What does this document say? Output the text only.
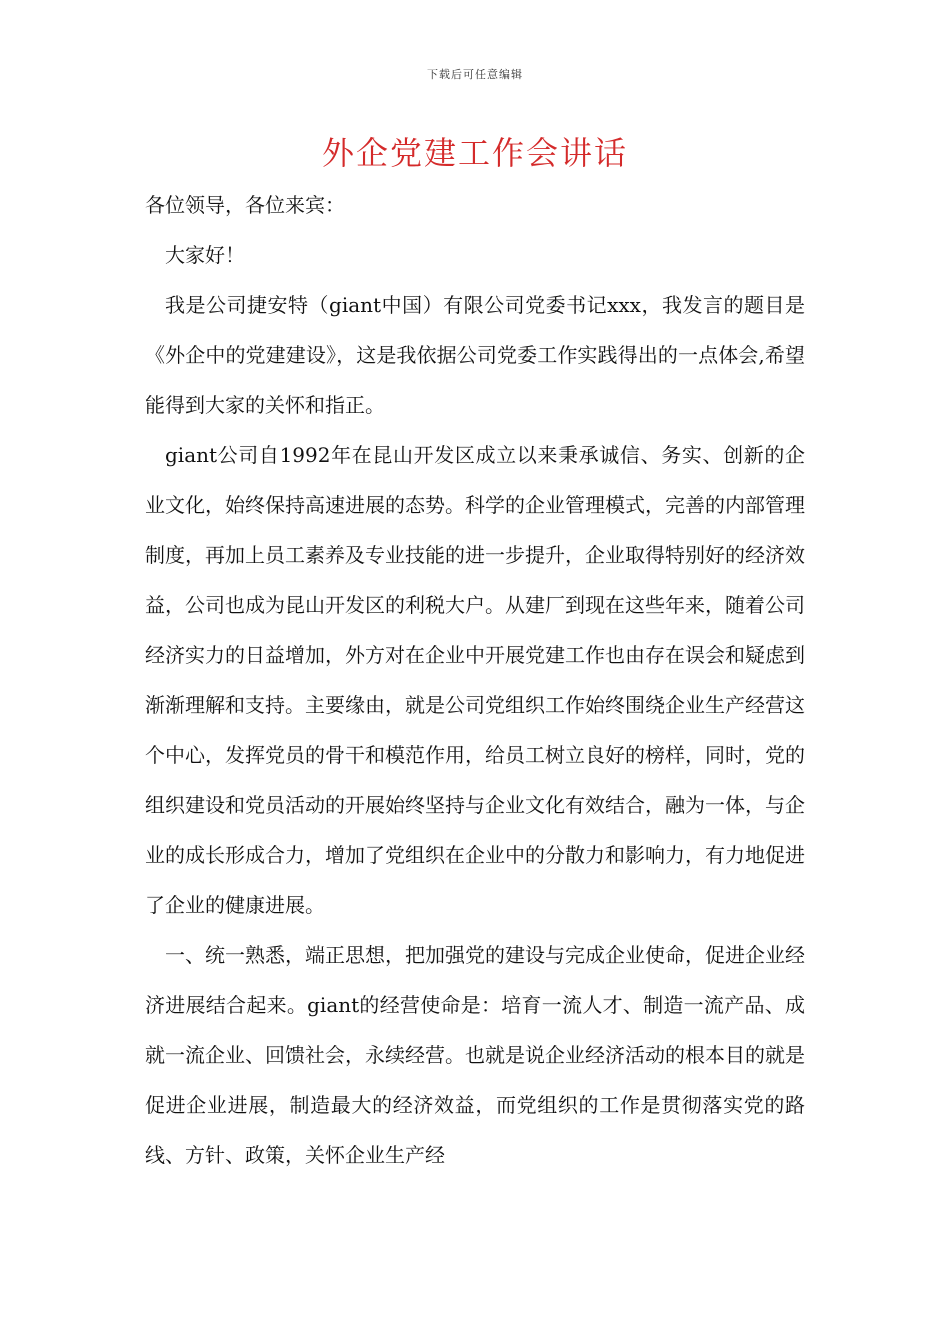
下载后可任意编辑
外企党建工作会讲话

各位领导，各位来宾：

大家好！

我是公司捷安特（giant中国）有限公司党委书记xxx，我发言的题目是《外企中的党建建设》，这是我依据公司党委工作实践得出的一点体会,希望能得到大家的关怀和指正。

giant公司自1992年在昆山开发区成立以来秉承诚信、务实、创新的企业文化，始终保持高速进展的态势。科学的企业管理模式，完善的内部管理制度，再加上员工素养及专业技能的进一步提升，企业取得特别好的经济效益，公司也成为昆山开发区的利税大户。从建厂到现在这些年来，随着公司经济实力的日益增加，外方对在企业中开展党建工作也由存在误会和疑虑到渐渐理解和支持。主要缘由，就是公司党组织工作始终围绕企业生产经营这个中心，发挥党员的骨干和模范作用，给员工树立良好的榜样，同时，党的组织建设和党员活动的开展始终坚持与企业文化有效结合，融为一体，与企业的成长形成合力，增加了党组织在企业中的分散力和影响力，有力地促进了企业的健康进展。

一、统一熟悉，端正思想，把加强党的建设与完成企业使命，促进企业经济进展结合起来。giant的经营使命是：培育一流人才、制造一流产品、成就一流企业、回馈社会，永续经营。也就是说企业经济活动的根本目的就是促进企业进展，制造最大的经济效益，而党组织的工作是贯彻落实党的路线、方针、政策，关怀企业生产经
